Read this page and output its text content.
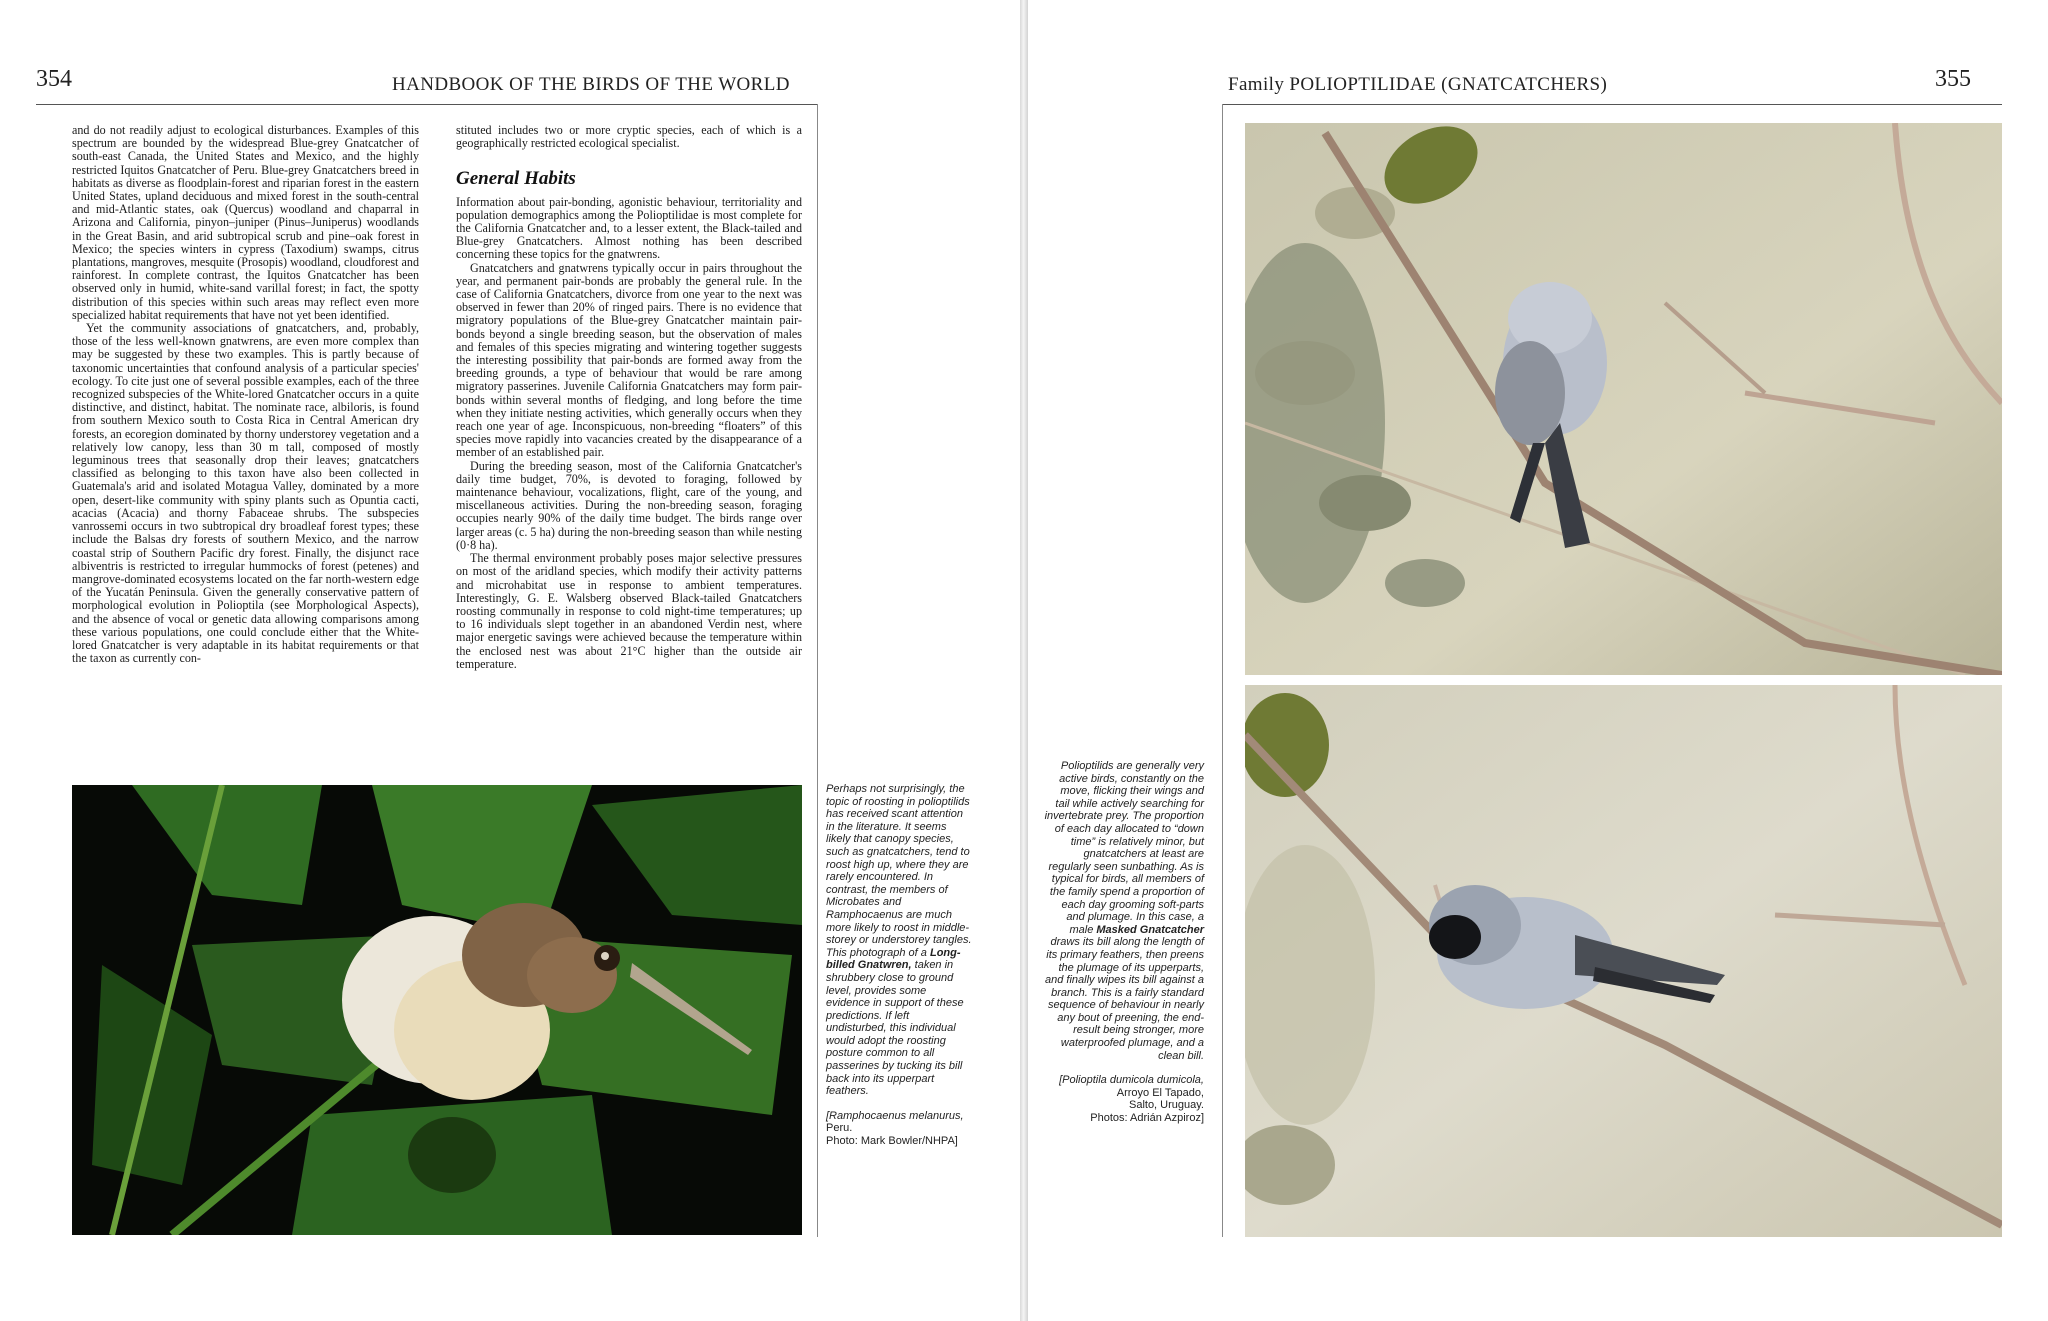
354	HANDBOOK OF THE BIRDS OF THE WORLD

and do not readily adjust to ecological disturbances. Examples of this spectrum are bounded by the widespread Blue-grey Gnatcatcher of south-east Canada, the United States and Mexico, and the highly restricted Iquitos Gnatcatcher of Peru. Blue-grey Gnatcatchers breed in habitats as diverse as floodplain-forest and riparian forest in the eastern United States, upland deciduous and mixed forest in the south-central and mid-Atlantic states, oak (Quercus) woodland and chaparral in Arizona and California, pinyon–juniper (Pinus–Juniperus) woodlands in the Great Basin, and arid subtropical scrub and pine–oak forest in Mexico; the species winters in cypress (Taxodium) swamps, citrus plantations, mangroves, mesquite (Prosopis) woodland, cloudforest and rainforest. In complete contrast, the Iquitos Gnatcatcher has been observed only in humid, white-sand varillal forest; in fact, the spotty distribution of this species within such areas may reflect even more specialized habitat requirements that have not yet been identified.

Yet the community associations of gnatcatchers, and, probably, those of the less well-known gnatwrens, are even more complex than may be suggested by these two examples. This is partly because of taxonomic uncertainties that confound analysis of a particular species' ecology. To cite just one of several possible examples, each of the three recognized subspecies of the White-lored Gnatcatcher occurs in a quite distinctive, and distinct, habitat. The nominate race, albiloris, is found from southern Mexico south to Costa Rica in Central American dry forests, an ecoregion dominated by thorny understorey vegetation and a relatively low canopy, less than 30 m tall, composed of mostly leguminous trees that seasonally drop their leaves; gnatcatchers classified as belonging to this taxon have also been collected in Guatemala's arid and isolated Motagua Valley, dominated by a more open, desert-like community with spiny plants such as Opuntia cacti, acacias (Acacia) and thorny Fabaceae shrubs. The subspecies vanrossemi occurs in two subtropical dry broadleaf forest types; these include the Balsas dry forests of southern Mexico, and the narrow coastal strip of Southern Pacific dry forest. Finally, the disjunct race albiventris is restricted to irregular hummocks of forest (petenes) and mangrove-dominated ecosystems located on the far north-western edge of the Yucatán Peninsula. Given the generally conservative pattern of morphological evolution in Polioptila (see Morphological Aspects), and the absence of vocal or genetic data allowing comparisons among these various populations, one could conclude either that the White-lored Gnatcatcher is very adaptable in its habitat requirements or that the taxon as currently con-

stituted includes two or more cryptic species, each of which is a geographically restricted ecological specialist.

General Habits

Information about pair-bonding, agonistic behaviour, territoriality and population demographics among the Polioptilidae is most complete for the California Gnatcatcher and, to a lesser extent, the Black-tailed and Blue-grey Gnatcatchers. Almost nothing has been described concerning these topics for the gnatwrens.

Gnatcatchers and gnatwrens typically occur in pairs throughout the year, and permanent pair-bonds are probably the general rule. In the case of California Gnatcatchers, divorce from one year to the next was observed in fewer than 20% of ringed pairs. There is no evidence that migratory populations of the Blue-grey Gnatcatcher maintain pair-bonds beyond a single breeding season, but the observation of males and females of this species migrating and wintering together suggests the interesting possibility that pair-bonds are formed away from the breeding grounds, a type of behaviour that would be rare among migratory passerines. Juvenile California Gnatcatchers may form pair-bonds within several months of fledging, and long before the time when they initiate nesting activities, which generally occurs when they reach one year of age. Inconspicuous, non-breeding “floaters” of this species move rapidly into vacancies created by the disappearance of a member of an established pair.

During the breeding season, most of the California Gnatcatcher's daily time budget, 70%, is devoted to foraging, followed by maintenance behaviour, vocalizations, flight, care of the young, and miscellaneous activities. During the non-breeding season, foraging occupies nearly 90% of the daily time budget. The birds range over larger areas (c. 5 ha) during the non-breeding season than while nesting (0·8 ha).

The thermal environment probably poses major selective pressures on most of the aridland species, which modify their activity patterns and microhabitat use in response to ambient temperatures. Interestingly, G. E. Walsberg observed Black-tailed Gnatcatchers roosting communally in response to cold night-time temperatures; up to 16 individuals slept together in an abandoned Verdin nest, where major energetic savings were achieved because the temperature within the enclosed nest was about 21°C higher than the outside air temperature.

Perhaps not surprisingly, the topic of roosting in polioptilids has received scant attention in the literature. It seems likely that canopy species, such as gnatcatchers, tend to roost high up, where they are rarely encountered. In contrast, the members of Microbates and Ramphocaenus are much more likely to roost in middle-storey or understorey tangles. This photograph of a Long-billed Gnatwren, taken in shrubbery close to ground level, provides some evidence in support of these predictions. If left undisturbed, this individual would adopt the roosting posture common to all passerines by tucking its bill back into its upperpart feathers.
[Ramphocaenus melanurus,
Peru.
Photo: Mark Bowler/NHPA]
Family POLIOPTILIDAE (GNATCATCHERS)	355
Polioptilids are generally very active birds, constantly on the move, flicking their wings and tail while actively searching for invertebrate prey. The proportion of each day allocated to “down time” is relatively minor, but gnatcatchers at least are regularly seen sunbathing. As is typical for birds, all members of the family spend a proportion of each day grooming soft-parts and plumage. In this case, a male Masked Gnatcatcher draws its bill along the length of its primary feathers, then preens the plumage of its upperparts, and finally wipes its bill against a branch. This is a fairly standard sequence of behaviour in nearly any bout of preening, the end-result being stronger, more waterproofed plumage, and a clean bill.
[Polioptila dumicola dumicola,
Arroyo El Tapado,
Salto, Uruguay.
Photos: Adrián Azpiroz]
